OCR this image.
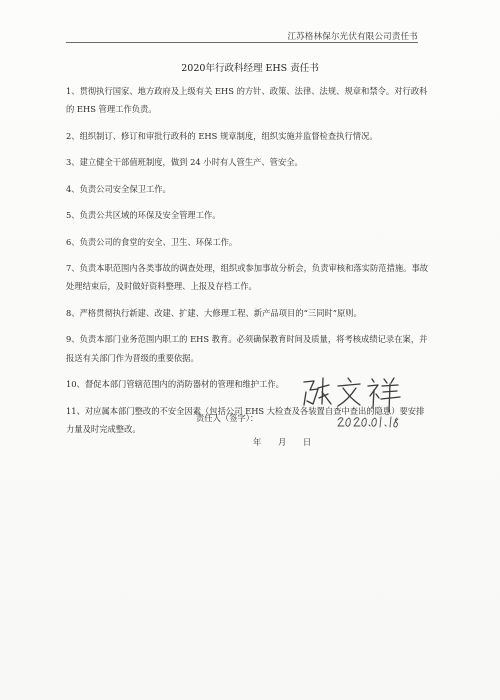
江苏格林保尔光伏有限公司责任书
2020年行政科经理 EHS 责任书

1、贯彻执行国家、地方政府及上级有关 EHS 的方针、政策、法律、法规、规章和禁令。对行政科的 EHS 管理工作负责。

2、组织制订、修订和审批行政科的 EHS 规章制度，组织实施并监督检查执行情况。

3、建立健全干部值班制度，做到 24 小时有人管生产、管安全。

4、负责公司安全保卫工作。

5、负责公共区域的环保及安全管理工作。

6、负责公司的食堂的安全、卫生、环保工作。

7、负责本职范围内各类事故的调查处理，组织或参加事故分析会，负责审核和落实防范措施。事故处理结束后，及时做好资料整理、上报及存档工作。

8、严格贯彻执行新建、改建、扩建、大修理工程、新产品项目的“三同时”原则。

9、负责本部门业务范围内职工的 EHS 教育。必须确保教育时间及质量，将考核成绩记录在案，并报送有关部门作为晋级的重要依据。

10、督促本部门管辖范围内的消防器材的管理和维护工作。

11、对应属本部门整改的不安全因素（包括公司 EHS 大检查及各装置自查中查出的隐患）要安排力量及时完成整改。

责任人（签字）：
年 月 日
